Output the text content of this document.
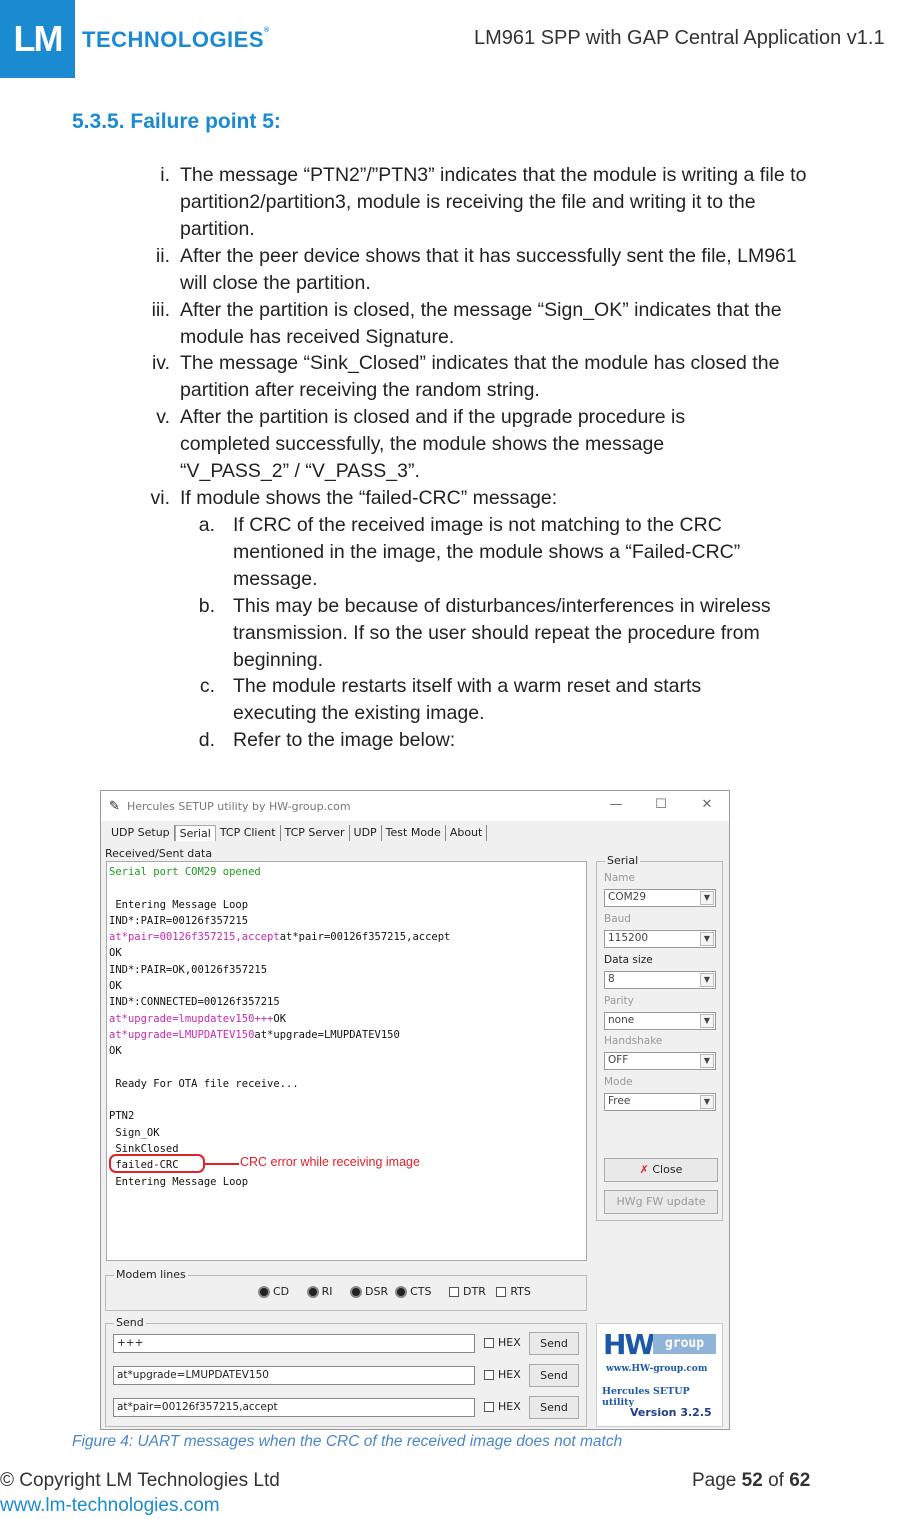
LM TECHNOLOGIES®	LM961 SPP with GAP Central Application v1.1
5.3.5. Failure point 5:
i. The message “PTN2”/”PTN3” indicates that the module is writing a file to partition2/partition3, module is receiving the file and writing it to the partition.
ii. After the peer device shows that it has successfully sent the file, LM961 will close the partition.
iii. After the partition is closed, the message “Sign_OK” indicates that the module has received Signature.
iv. The message “Sink_Closed” indicates that the module has closed the partition after receiving the random string.
v. After the partition is closed and if the upgrade procedure is completed successfully, the module shows the message “V_PASS_2” / “V_PASS_3”.
vi. If module shows the “failed-CRC” message:
a. If CRC of the received image is not matching to the CRC mentioned in the image, the module shows a “Failed-CRC” message.
b. This may be because of disturbances/interferences in wireless transmission. If so the user should repeat the procedure from beginning.
c. The module restarts itself with a warm reset and starts executing the existing image.
d. Refer to the image below:
✎ Hercules SETUP utility by HW-group.com	—	☐	✕
UDP Setup Serial TCP Client TCP Server UDP Test Mode About
Received/Sent data
Serial port COM29 opened

Entering Message Loop
IND*:PAIR=00126f357215
at*pair=00126f357215,acceptat*pair=00126f357215,accept
OK
IND*:PAIR=OK,00126f357215
OK
IND*:CONNECTED=00126f357215
at*upgrade=lmupdatev150+++OK
at*upgrade=LMUPDATEV150at*upgrade=LMUPDATEV150
OK

Ready For OTA file receive...

PTN2
Sign_OK
SinkClosed
failed-CRC
Entering Message Loop
CRC error while receiving image
Serial
Name
COM29	▼
Baud
115200	▼
Data size
8	▼
Parity
none	▼
Handshake
OFF	▼
Mode
Free	▼
✗ Close
HWg FW update
Modem lines
CD	RI	DSR CTS	DTR RTS
Send
+++	HEX	Send
at*upgrade=LMUPDATEV150	HEX	Send
at*pair=00126f357215,accept	HEX	Send
HW group
www.HW-group.com
Hercules SETUP utility
Version 3.2.5
Figure 4: UART messages when the CRC of the received image does not match
© Copyright LM Technologies Ltd
www.lm-technologies.com
Page 52 of 62
